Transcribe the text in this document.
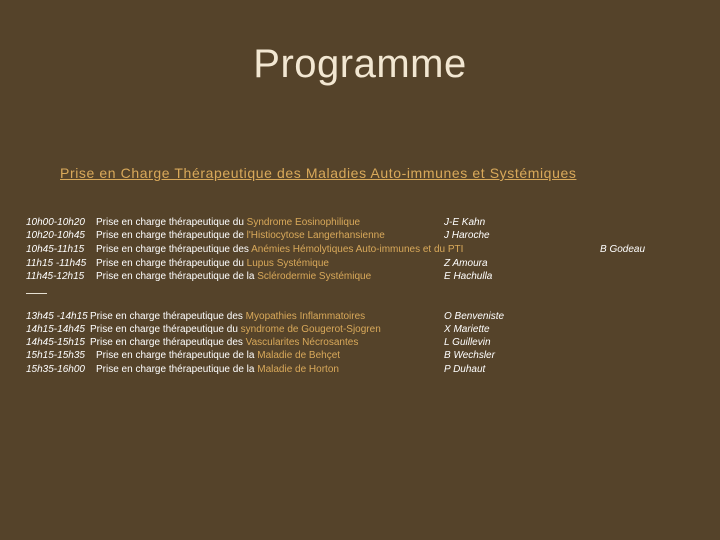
Programme
Prise en Charge Thérapeutique des Maladies Auto-immunes et Systémiques
10h00-10h20 Prise en charge thérapeutique du Syndrome Eosinophilique	J-E Kahn
10h20-10h45 Prise en charge thérapeutique de l'Histiocytose Langerhansienne	J Haroche
10h45-11h15 Prise en charge thérapeutique des Anémies Hémolytiques Auto-immunes et du PTI	B Godeau
11h15 -11h45 Prise en charge thérapeutique du Lupus Systémique	Z Amoura
11h45-12h15 Prise en charge thérapeutique de la Sclérodermie Systémique	E Hachulla
13h45 -14h15 Prise en charge thérapeutique des Myopathies Inflammatoires	O Benveniste
14h15-14h45 Prise en charge thérapeutique du syndrome de Gougerot-Sjogren	X Mariette
14h45-15h15 Prise en charge thérapeutique des Vascularites Nécrosantes	L Guillevin
15h15-15h35 Prise en charge thérapeutique de la Maladie de Behçet	B Wechsler
15h35-16h00 Prise en charge thérapeutique de la Maladie de Horton	P Duhaut
